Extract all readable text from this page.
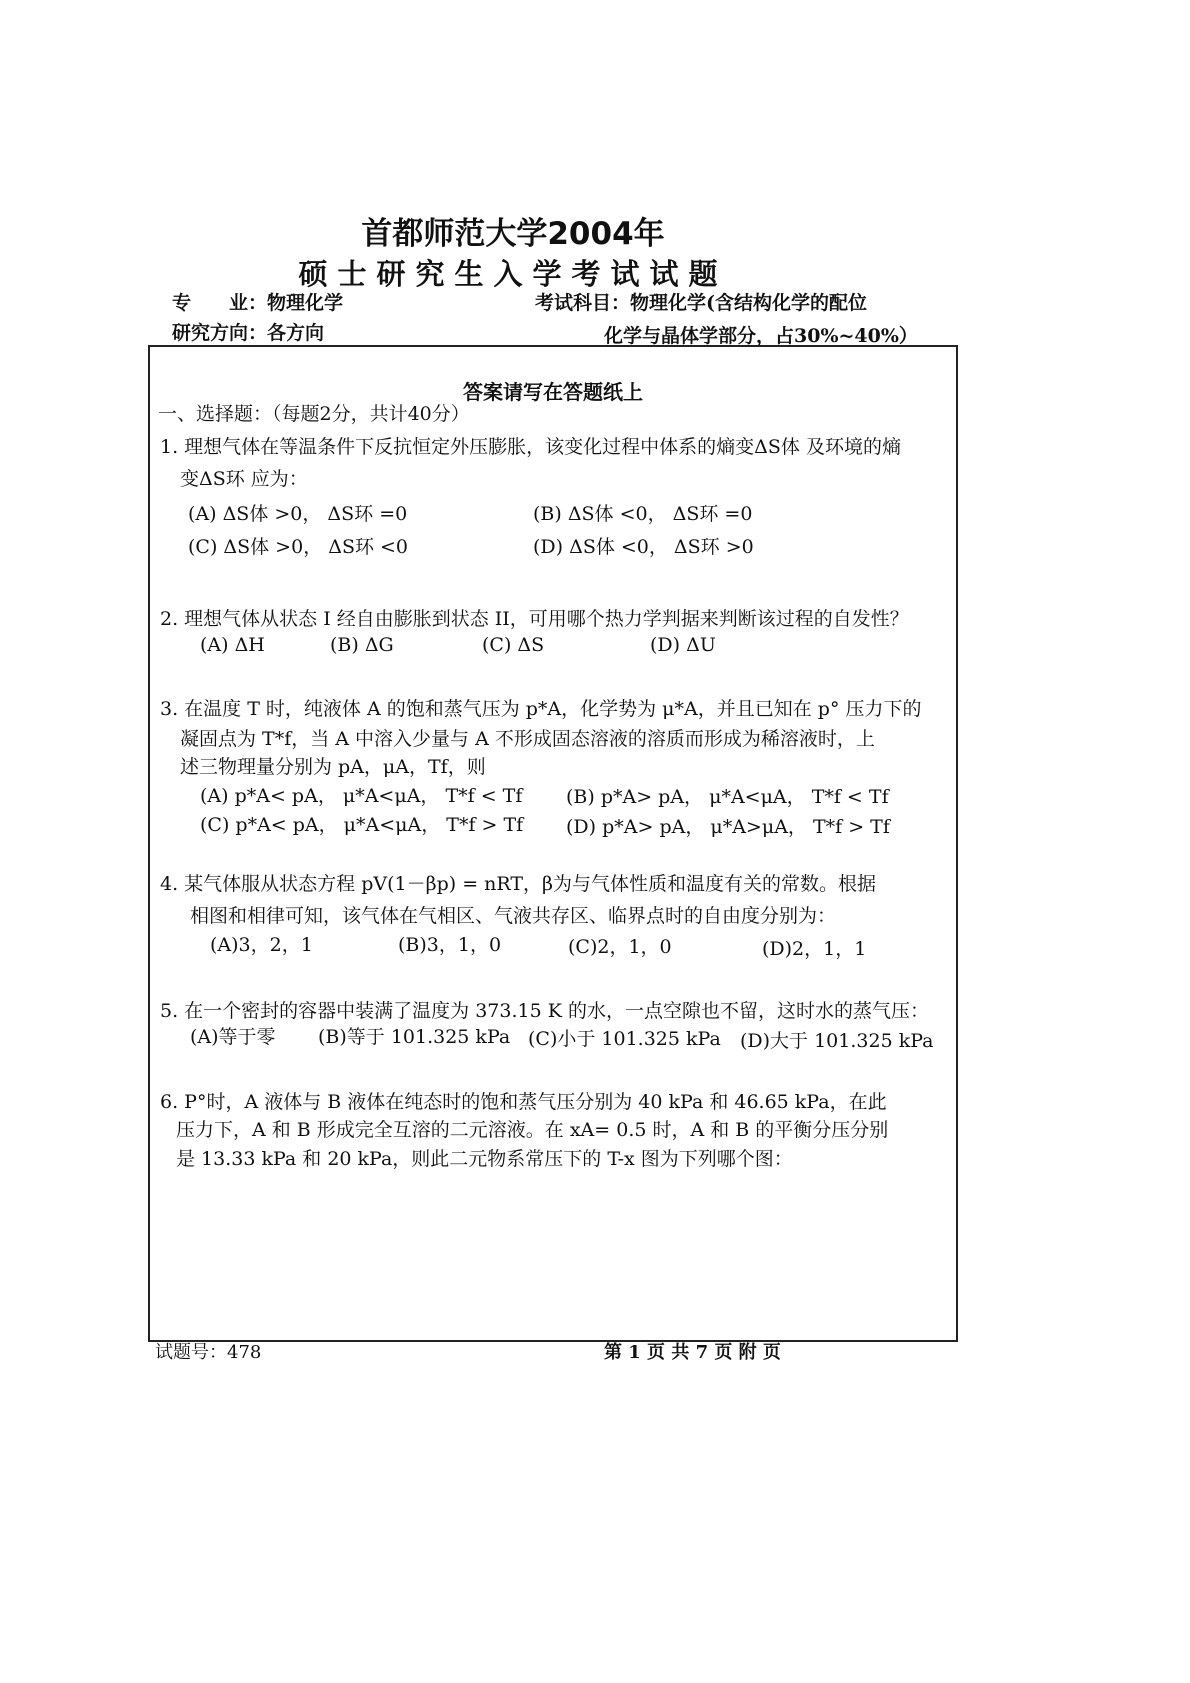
首都师范大学2004年
硕士研究生入学考试试题
专　　业：物理化学	考试科目：物理化学(含结构化学的配位
研究方向：各方向	化学与晶体学部分，占30%~40%）
答案请写在答题纸上
一、选择题：（每题2分，共计40分）
1. 理想气体在等温条件下反抗恒定外压膨胀，该变化过程中体系的熵变ΔS体 及环境的熵
变ΔS环 应为：
(A) ΔS体 >0， ΔS环 =0	(B) ΔS体 <0， ΔS环 =0
(C) ΔS体 >0， ΔS环 <0	(D) ΔS体 <0， ΔS环 >0
2. 理想气体从状态 I 经自由膨胀到状态 II，可用哪个热力学判据来判断该过程的自发性？
(A) ΔH	(B) ΔG	(C) ΔS	(D) ΔU
3. 在温度 T 时，纯液体 A 的饱和蒸气压为 p*A，化学势为 μ*A，并且已知在 p° 压力下的
凝固点为 T*f，当 A 中溶入少量与 A 不形成固态溶液的溶质而形成为稀溶液时，上
述三物理量分别为 pA，μA，Tf，则
(A) p*A< pA， μ*A<μA， T*f < Tf (B) p*A> pA， μ*A<μA， T*f < Tf
(C) p*A< pA， μ*A<μA， T*f > Tf (D) p*A> pA， μ*A>μA， T*f > Tf
4. 某气体服从状态方程 pV(1－βp) = nRT，β为与气体性质和温度有关的常数。根据
相图和相律可知，该气体在气相区、气液共存区、临界点时的自由度分别为：
(A)3，2，1	(B)3，1，0	(C)2，1，0	(D)2，1，1
5. 在一个密封的容器中装满了温度为 373.15 K 的水，一点空隙也不留，这时水的蒸气压：
(A)等于零 (B)等于 101.325 kPa (C)小于 101.325 kPa (D)大于 101.325 kPa
6. P°时，A 液体与 B 液体在纯态时的饱和蒸气压分别为 40 kPa 和 46.65 kPa，在此
压力下，A 和 B 形成完全互溶的二元溶液。在 xA= 0.5 时，A 和 B 的平衡分压分别
是 13.33 kPa 和 20 kPa，则此二元物系常压下的 T-x 图为下列哪个图：
试题号：478	第 1 页 共 7 页 附 页
